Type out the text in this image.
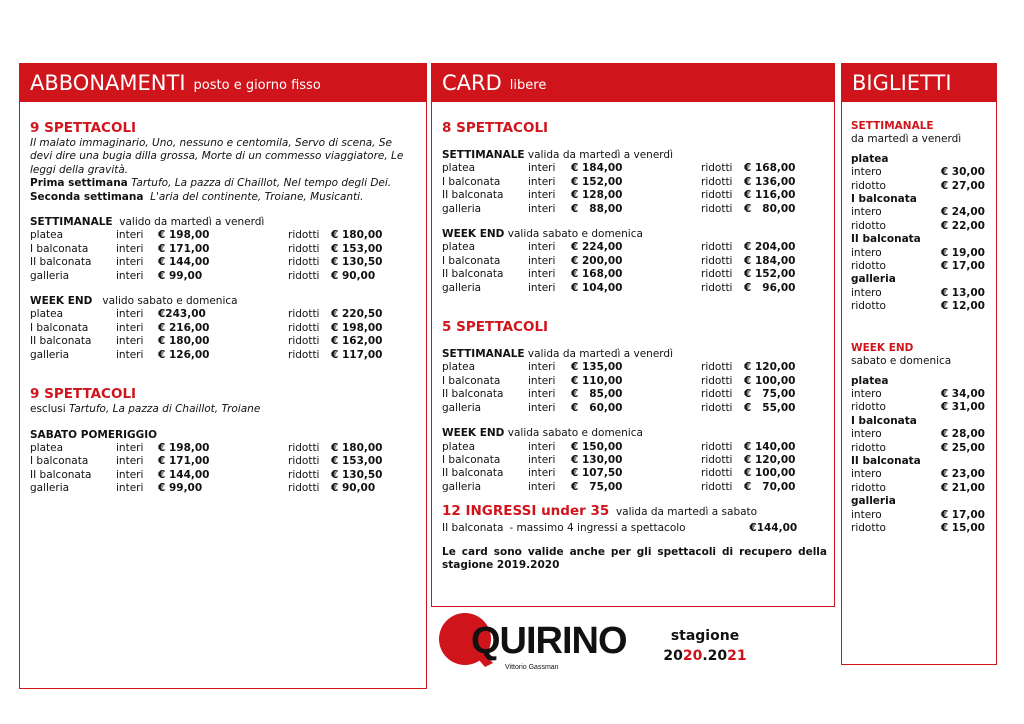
ABBONAMENTI posto e giorno fisso
9 SPETTACOLI
Il malato immaginario, Uno, nessuno e centomila, Servo di scena, Se devi dire una bugia dilla grossa, Morte di un commesso viaggiatore, Le leggi della gravità.
Prima settimana Tartufo, La pazza di Chaillot, Nel tempo degli Dei.
Seconda settimana L'aria del continente, Troiane, Musicanti.
SETTIMANALE valido da martedì a venerdì
platea	interi	€ 198,00	ridotti	€ 180,00
I balconata	interi	€ 171,00	ridotti	€ 153,00
II balconata	interi	€ 144,00	ridotti	€ 130,50
galleria	interi	€ 99,00	ridotti	€ 90,00
WEEK END valido sabato e domenica
platea	interi	€243,00	ridotti	€ 220,50
I balconata	interi	€ 216,00	ridotti	€ 198,00
II balconata	interi	€ 180,00	ridotti	€ 162,00
galleria	interi	€ 126,00	ridotti	€ 117,00
9 SPETTACOLI
esclusi Tartufo, La pazza di Chaillot, Troiane
SABATO POMERIGGIO
platea	interi	€ 198,00	ridotti	€ 180,00
I balconata	interi	€ 171,00	ridotti	€ 153,00
II balconata	interi	€ 144,00	ridotti	€ 130,50
galleria	interi	€ 99,00	ridotti	€ 90,00
CARD libere
8 SPETTACOLI
SETTIMANALE valida da martedì a venerdì
platea	interi	€ 184,00	ridotti	€ 168,00
I balconata	interi	€ 152,00	ridotti	€ 136,00
II balconata	interi	€ 128,00	ridotti	€ 116,00
galleria	interi	€   88,00	ridotti	€   80,00
WEEK END valida sabato e domenica
platea	interi	€ 224,00	ridotti	€ 204,00
I balconata	interi	€ 200,00	ridotti	€ 184,00
II balconata	interi	€ 168,00	ridotti	€ 152,00
galleria	interi	€ 104,00	ridotti	€   96,00
5 SPETTACOLI
SETTIMANALE valida da martedì a venerdì
platea	interi	€ 135,00	ridotti	€ 120,00
I balconata	interi	€ 110,00	ridotti	€ 100,00
II balconata	interi	€   85,00	ridotti	€   75,00
galleria	interi	€   60,00	ridotti	€   55,00
WEEK END valida sabato e domenica
platea	interi	€ 150,00	ridotti	€ 140,00
I balconata	interi	€ 130,00	ridotti	€ 120,00
II balconata	interi	€ 107,50	ridotti	€ 100,00
galleria	interi	€   75,00	ridotti	€   70,00
12 INGRESSI under 35 valida da martedì a sabato
II balconata - massimo 4 ingressi a spettacolo	€144,00
Le card sono valide anche per gli spettacoli di recupero della stagione 2019.2020
BIGLIETTI
SETTIMANALE
da martedì a venerdì
platea	
intero	€ 30,00
ridotto	€ 27,00
I balconata	
intero	€ 24,00
ridotto	€ 22,00
II balconata	
intero	€ 19,00
ridotto	€ 17,00
galleria	
intero	€ 13,00
ridotto	€ 12,00
WEEK END
sabato e domenica
platea	
intero	€ 34,00
ridotto	€ 31,00
I balconata	
intero	€ 28,00
ridotto	€ 25,00
II balconata	
intero	€ 23,00
ridotto	€ 21,00
galleria	
intero	€ 17,00
ridotto	€ 15,00
QUIRINO
Vittorio Gassman
stagione
2020.2021
